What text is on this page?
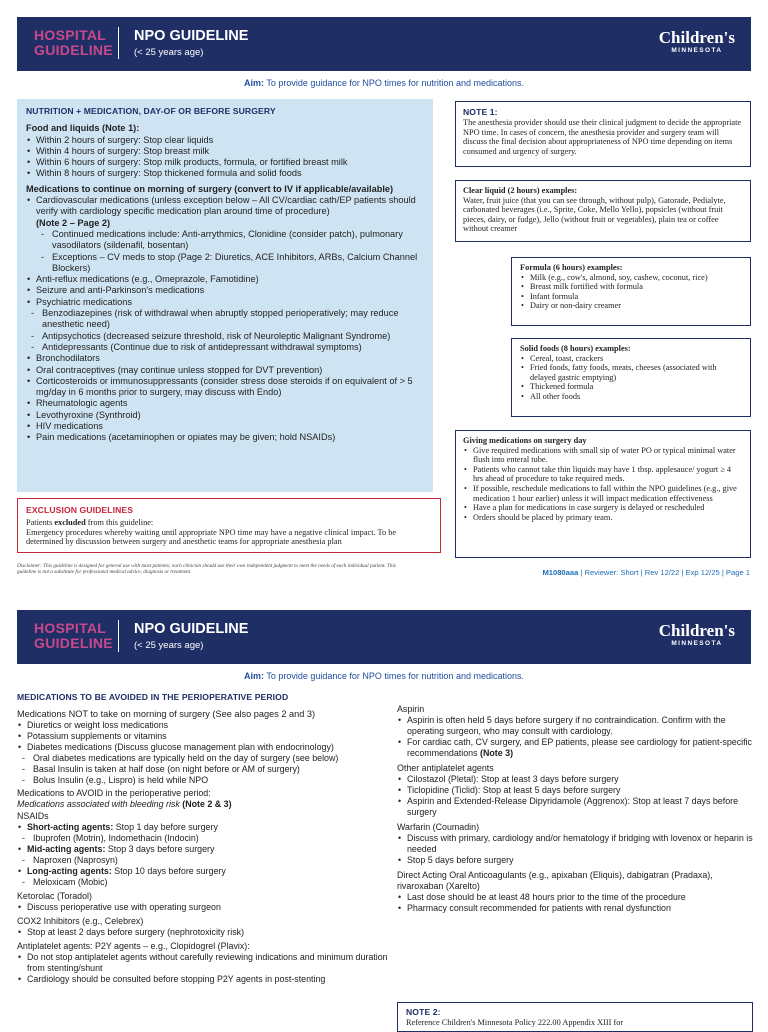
HOSPITAL
GUIDELINE
NPO GUIDELINE
(< 25 years age)
Children's
MINNESOTA
Aim: To provide guidance for NPO times for nutrition and medications.
NUTRITION + MEDICATION, DAY-OF OR BEFORE SURGERY
Food and liquids (Note 1):
• Within 2 hours of surgery: Stop clear liquids
• Within 4 hours of surgery: Stop breast milk
• Within 6 hours of surgery: Stop milk products, formula, or fortified breast milk
• Within 8 hours of surgery: Stop thickened formula and solid foods
Medications to continue on morning of surgery (convert to IV if applicable/available)
• Cardiovascular medications (unless exception below – All CV/cardiac cath/EP patients should verify with cardiology specific medication plan around time of procedure)
(Note 2 – Page 2)
- Continued medications include: Anti-arrythmics, Clonidine (consider patch), pulmonary vasodilators (sildenafil, bosentan)
- Exceptions – CV meds to stop (Page 2: Diuretics, ACE Inhibitors, ARBs, Calcium Channel Blockers)
• Anti-reflux medications (e.g., Omeprazole, Famotidine)
• Seizure and anti-Parkinson's medications
• Psychiatric medications
- Benzodiazepines (risk of withdrawal when abruptly stopped perioperatively; may reduce anesthetic need)
- Antipsychotics (decreased seizure threshold, risk of Neuroleptic Malignant Syndrome)
- Antidepressants (Continue due to risk of antidepressant withdrawal symptoms)
• Bronchodilators
• Oral contraceptives (may continue unless stopped for DVT prevention)
• Corticosteroids or immunosuppressants (consider stress dose steroids if on equivalent of > 5 mg/day in 6 months prior to surgery, may discuss with Endo)
• Rheumatologic agents
• Levothyroxine (Synthroid)
• HIV medications
• Pain medications (acetaminophen or opiates may be given; hold NSAIDs)
EXCLUSION GUIDELINES
Patients excluded from this guideline:
Emergency procedures whereby waiting until appropriate NPO time may have a negative clinical impact. To be determined by discussion between surgery and anesthetic teams for appropriate anesthesia plan
NOTE 1:
The anesthesia provider should use their clinical judgment to decide the appropriate NPO time. In cases of concern, the anesthesia provider and surgery team will discuss the final decision about appropriateness of NPO time depending on items consumed and urgency of surgery.
Clear liquid (2 hours) examples:
Water, fruit juice (that you can see through, without pulp), Gatorade, Pedialyte, carbonated beverages (i.e., Sprite, Coke, Mello Yello), popsicles (without fruit pieces, dairy, or fudge), Jello (without fruit or vegetables), plain tea or coffee without creamer
Formula (6 hours) examples:
• Milk (e.g., cow's, almond, soy, cashew, coconut, rice)
• Breast milk fortified with formula
• Infant formula
• Dairy or non-dairy creamer
Solid foods (8 hours) examples:
• Cereal, toast, crackers
• Fried foods, fatty foods, meats, cheeses (associated with delayed gastric emptying)
• Thickened formula
• All other foods
Giving medications on surgery day
• Give required medications with small sip of water PO or typical minimal water flush into enteral tube.
• Patients who cannot take thin liquids may have 1 tbsp. applesauce/ yogurt ≥ 4 hrs ahead of procedure to take required meds.
• If possible, reschedule medications to fall within the NPO guidelines (e.g., give medication 1 hour earlier) unless it will impact medication effectiveness
• Have a plan for medications in case surgery is delayed or rescheduled
• Orders should be placed by primary team.
Disclaimer: This guideline is designed for general use with most patients; each clinician should use their own independent judgment to meet the needs of each individual patient. This guideline is not a substitute for professional medical advice, diagnosis or treatment.	M1080aaa | Reviewer: Short | Rev 12/22 | Exp 12/25 | Page 1
HOSPITAL
GUIDELINE
NPO GUIDELINE
(< 25 years age)
Children's
MINNESOTA
Aim: To provide guidance for NPO times for nutrition and medications.
MEDICATIONS TO BE AVOIDED IN THE PERIOPERATIVE PERIOD
Medications NOT to take on morning of surgery (See also pages 2 and 3)
• Diuretics or weight loss medications
• Potassium supplements or vitamins
• Diabetes medications (Discuss glucose management plan with endocrinology)
- Oral diabetes medications are typically held on the day of surgery (see below)
- Basal Insulin is taken at half dose (on night before or AM of surgery)
- Bolus Insulin (e.g., Lispro) is held while NPO
Medications to AVOID in the perioperative period:
Medications associated with bleeding risk (Note 2 & 3)
NSAIDs
• Short-acting agents: Stop 1 day before surgery
- Ibuprofen (Motrin), Indomethacin (Indocin)
• Mid-acting agents: Stop 3 days before surgery
- Naproxen (Naprosyn)
• Long-acting agents: Stop 10 days before surgery
- Meloxicam (Mobic)
Ketorolac (Toradol)
• Discuss perioperative use with operating surgeon
COX2 Inhibitors (e.g., Celebrex)
• Stop at least 2 days before surgery (nephrotoxicity risk)
Antiplatelet agents: P2Y agents – e.g., Clopidogrel (Plavix):
• Do not stop antiplatelet agents without carefully reviewing indications and minimum duration from stenting/shunt
• Cardiology should be consulted before stopping P2Y agents in post-stenting
Aspirin
• Aspirin is often held 5 days before surgery if no contraindication. Confirm with the operating surgeon, who may consult with cardiology.
• For cardiac cath, CV surgery, and EP patients, please see cardiology for patient-specific recommendations (Note 3)
Other antiplatelet agents
• Cilostazol (Pletal): Stop at least 3 days before surgery
• Ticlopidine (Ticlid): Stop at least 5 days before surgery
• Aspirin and Extended-Release Dipyridamole (Aggrenox): Stop at least 7 days before surgery
Warfarin (Coumadin)
• Discuss with primary, cardiology and/or hematology if bridging with lovenox or heparin is needed
• Stop 5 days before surgery
Direct Acting Oral Anticoagulants (e.g., apixaban (Eliquis), dabigatran (Pradaxa), rivaroxaban (Xarelto)
• Last dose should be at least 48 hours prior to the time of the procedure
• Pharmacy consult recommended for patients with renal dysfunction
NOTE 2:
Reference Children's Minnesota Policy 222.00 Appendix XIII for
